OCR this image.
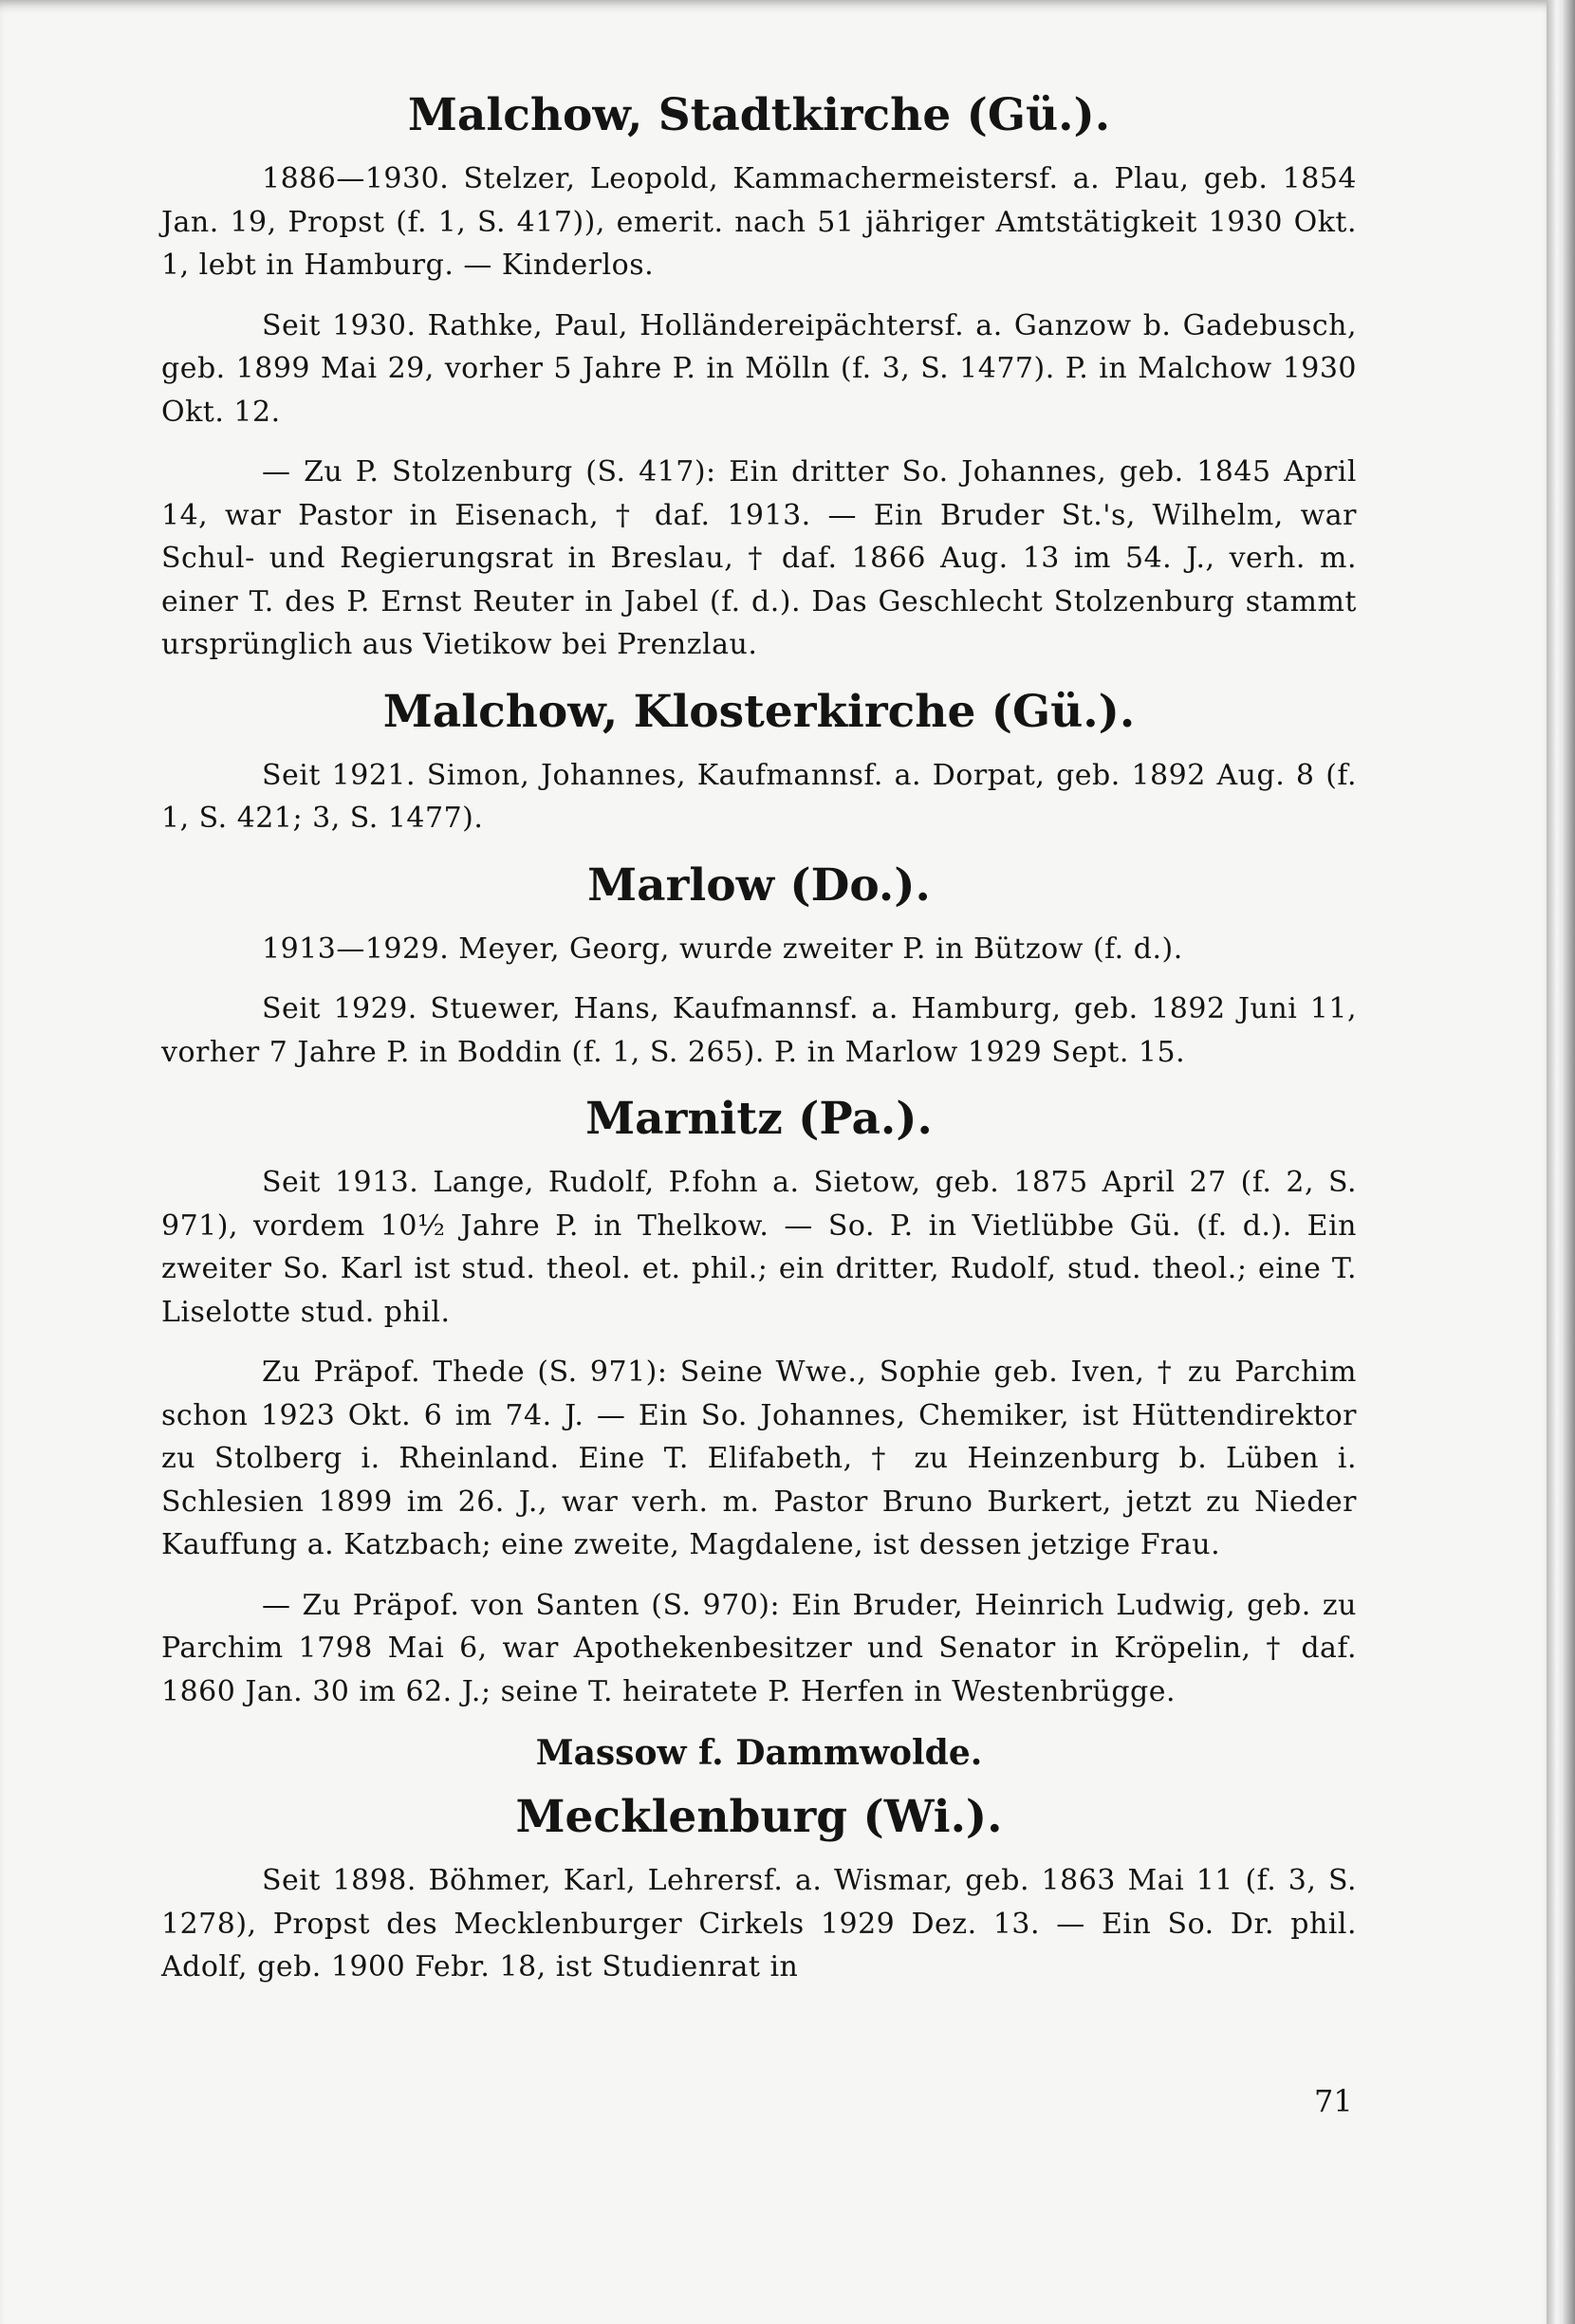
Malchow, Stadtkirche (Gü.).

1886—1930. Stelzer, Leopold, Kammachermeistersf. a. Plau, geb. 1854 Jan. 19, Propst (f. 1, S. 417)), emerit. nach 51 jähriger Amtstätigkeit 1930 Okt. 1, lebt in Hamburg. — Kinderlos.

Seit 1930. Rathke, Paul, Holländereipächtersf. a. Ganzow b. Gadebusch, geb. 1899 Mai 29, vorher 5 Jahre P. in Mölln (f. 3, S. 1477). P. in Malchow 1930 Okt. 12.

— Zu P. Stolzenburg (S. 417): Ein dritter So. Johannes, geb. 1845 April 14, war Pastor in Eisenach, † daf. 1913. — Ein Bruder St.'s, Wilhelm, war Schul- und Regierungsrat in Breslau, † daf. 1866 Aug. 13 im 54. J., verh. m. einer T. des P. Ernst Reuter in Jabel (f. d.). Das Geschlecht Stolzenburg stammt ursprünglich aus Vietikow bei Prenzlau.

Malchow, Klosterkirche (Gü.).

Seit 1921. Simon, Johannes, Kaufmannsf. a. Dorpat, geb. 1892 Aug. 8 (f. 1, S. 421; 3, S. 1477).

Marlow (Do.).

1913—1929. Meyer, Georg, wurde zweiter P. in Bützow (f. d.).

Seit 1929. Stuewer, Hans, Kaufmannsf. a. Hamburg, geb. 1892 Juni 11, vorher 7 Jahre P. in Boddin (f. 1, S. 265). P. in Marlow 1929 Sept. 15.

Marnitz (Pa.).

Seit 1913. Lange, Rudolf, P.fohn a. Sietow, geb. 1875 April 27 (f. 2, S. 971), vordem 10½ Jahre P. in Thelkow. — So. P. in Vietlübbe Gü. (f. d.). Ein zweiter So. Karl ist stud. theol. et. phil.; ein dritter, Rudolf, stud. theol.; eine T. Liselotte stud. phil.

Zu Präpof. Thede (S. 971): Seine Wwe., Sophie geb. Iven, † zu Parchim schon 1923 Okt. 6 im 74. J. — Ein So. Johannes, Chemiker, ist Hüttendirektor zu Stolberg i. Rheinland. Eine T. Elifabeth, † zu Heinzenburg b. Lüben i. Schlesien 1899 im 26. J., war verh. m. Pastor Bruno Burkert, jetzt zu Nieder Kauffung a. Katzbach; eine zweite, Magdalene, ist dessen jetzige Frau.

— Zu Präpof. von Santen (S. 970): Ein Bruder, Heinrich Ludwig, geb. zu Parchim 1798 Mai 6, war Apothekenbesitzer und Senator in Kröpelin, † daf. 1860 Jan. 30 im 62. J.; seine T. heiratete P. Herfen in Westenbrügge.

Massow f. Dammwolde.
Mecklenburg (Wi.).

Seit 1898. Böhmer, Karl, Lehrersf. a. Wismar, geb. 1863 Mai 11 (f. 3, S. 1278), Propst des Mecklenburger Cirkels 1929 Dez. 13. — Ein So. Dr. phil. Adolf, geb. 1900 Febr. 18, ist Studienrat in

71
